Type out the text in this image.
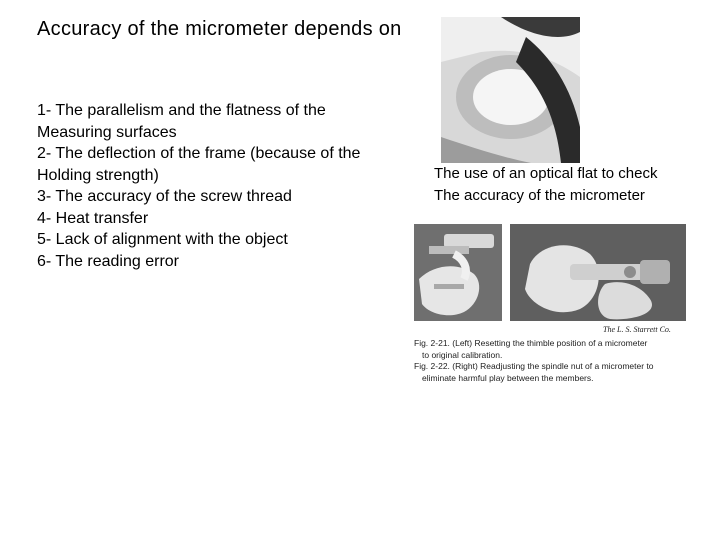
Accuracy of the micrometer depends on
1- The parallelism and the flatness of the
Measuring surfaces
2- The deflection of the frame (because of the
Holding strength)
3- The accuracy of the screw thread
4- Heat transfer
5- Lack of alignment with the object
6- The reading error
The use of an optical flat to check
The accuracy of the micrometer
The L. S. Starrett Co.
Fig. 2-21. (Left) Resetting the thimble position of a micrometer
to original calibration.
Fig. 2-22. (Right) Readjusting the spindle nut of a micrometer to
eliminate harmful play between the members.
